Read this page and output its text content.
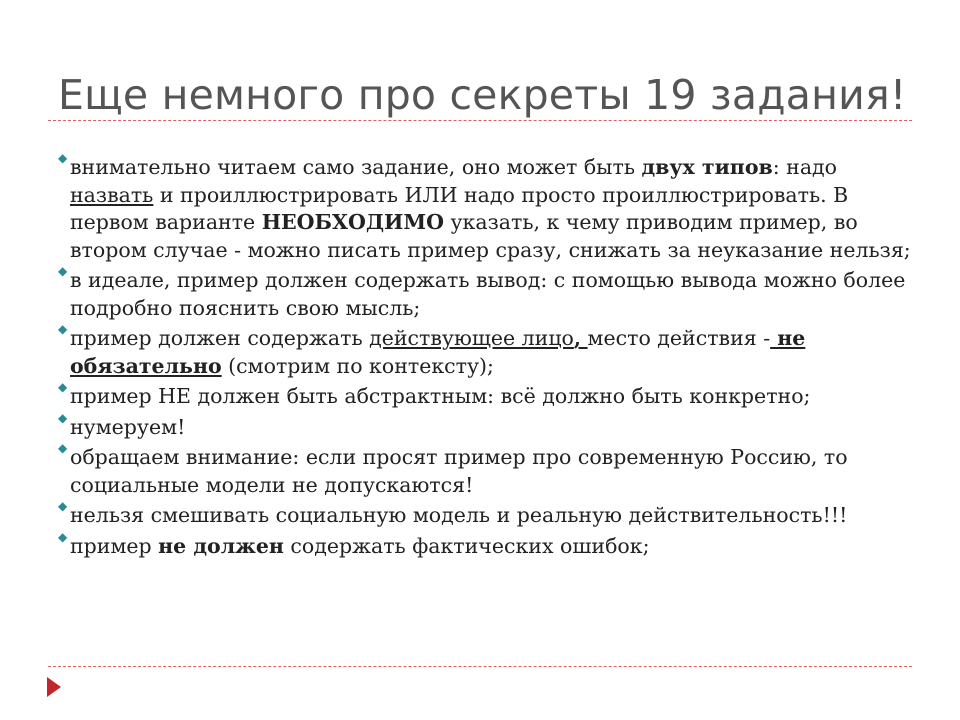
Еще немного про секреты 19 задания!
◆ внимательно читаем само задание, оно может быть двух типов: надо назвать и проиллюстрировать ИЛИ надо просто проиллюстрировать. В первом варианте НЕОБХОДИМО указать, к чему приводим пример, во втором случае - можно писать пример сразу, снижать за неуказание нельзя;
◆ в идеале, пример должен содержать вывод: с помощью вывода можно более подробно пояснить свою мысль;
◆ пример должен содержать действующее лицо, место действия - не обязательно (смотрим по контексту);
◆ пример НЕ должен быть абстрактным: всё должно быть конкретно;
◆ нумеруем!
◆ обращаем внимание: если просят пример про современную Россию, то социальные модели не допускаются!
◆ нельзя смешивать социальную модель и реальную действительность!!!
◆ пример не должен содержать фактических ошибок;
